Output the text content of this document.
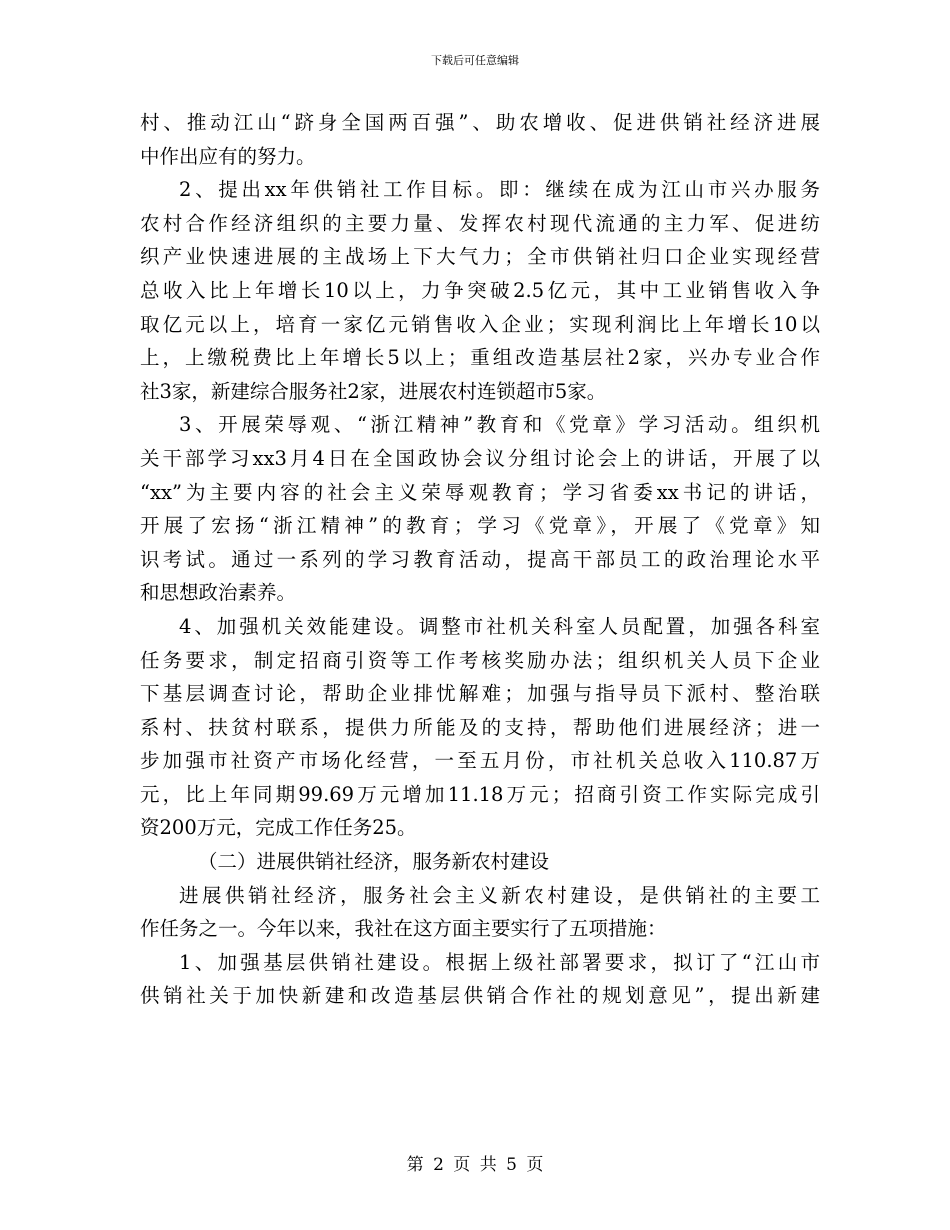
下载后可任意编辑
村、推动江山“跻身全国两百强”、助农增收、促进供销社经济进展
中作出应有的努力。
2、提出xx年供销社工作目标。即：继续在成为江山市兴办服务
农村合作经济组织的主要力量、发挥农村现代流通的主力军、促进纺
织产业快速进展的主战场上下大气力；全市供销社归口企业实现经营
总收入比上年增长10以上，力争突破2.5亿元，其中工业销售收入争
取亿元以上，培育一家亿元销售收入企业；实现利润比上年增长10以
上，上缴税费比上年增长5以上；重组改造基层社2家，兴办专业合作
社3家，新建综合服务社2家，进展农村连锁超市5家。
3、开展荣辱观、“浙江精神”教育和《党章》学习活动。组织机
关干部学习xx3月4日在全国政协会议分组讨论会上的讲话，开展了以
“xx”为主要内容的社会主义荣辱观教育；学习省委xx书记的讲话，
开展了宏扬“浙江精神”的教育；学习《党章》，开展了《党章》知
识考试。通过一系列的学习教育活动，提高干部员工的政治理论水平
和思想政治素养。
4、加强机关效能建设。调整市社机关科室人员配置，加强各科室
任务要求，制定招商引资等工作考核奖励办法；组织机关人员下企业
下基层调查讨论，帮助企业排忧解难；加强与指导员下派村、整治联
系村、扶贫村联系，提供力所能及的支持，帮助他们进展经济；进一
步加强市社资产市场化经营，一至五月份，市社机关总收入110.87万
元，比上年同期99.69万元增加11.18万元；招商引资工作实际完成引
资200万元，完成工作任务25。
（二）进展供销社经济，服务新农村建设
进展供销社经济，服务社会主义新农村建设，是供销社的主要工
作任务之一。今年以来，我社在这方面主要实行了五项措施：
1、加强基层供销社建设。根据上级社部署要求，拟订了“江山市
供销社关于加快新建和改造基层供销合作社的规划意见”，提出新建
第 2 页 共 5 页
